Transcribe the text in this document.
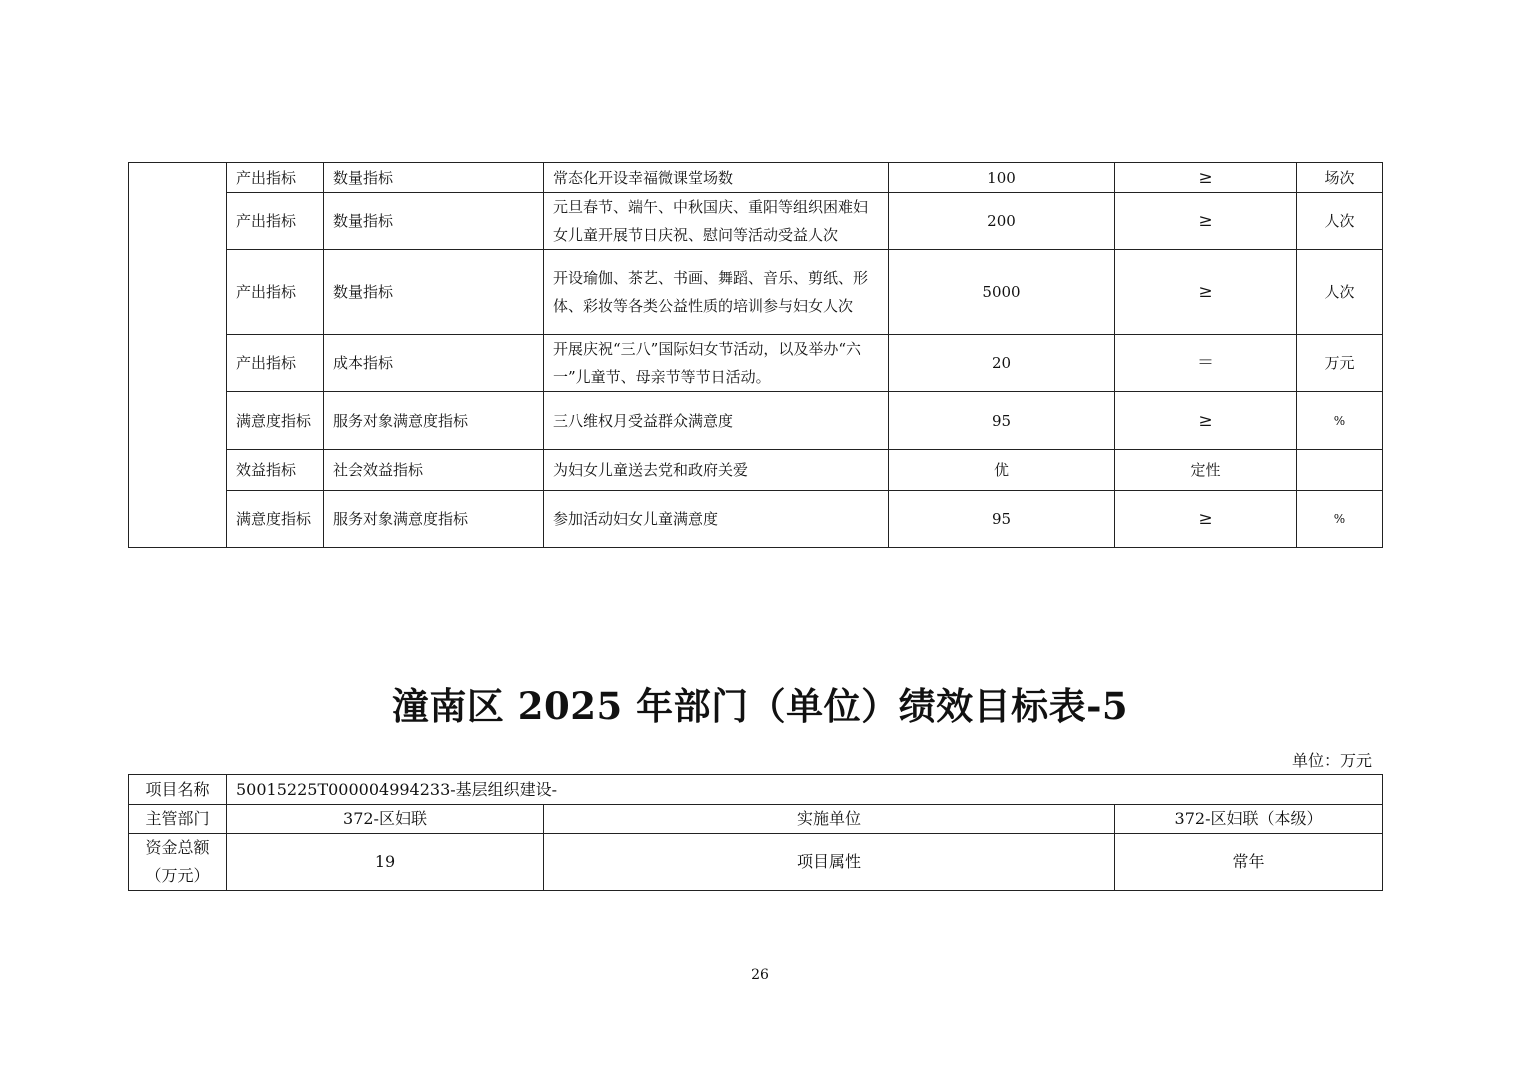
	产出指标	数量指标	常态化开设幸福微课堂场数	100	≥	场次
	产出指标	数量指标	元旦春节、端午、中秋国庆、重阳等组织困难妇女儿童开展节日庆祝、慰问等活动受益人次	200	≥	人次
	产出指标	数量指标	开设瑜伽、茶艺、书画、舞蹈、音乐、剪纸、形体、彩妆等各类公益性质的培训参与妇女人次	5000	≥	人次
	产出指标	成本指标	开展庆祝“三八”国际妇女节活动，以及举办“六一”儿童节、母亲节等节日活动。	20	＝	万元
	满意度指标	服务对象满意度指标	三八维权月受益群众满意度	95	≥	%
	效益指标	社会效益指标	为妇女儿童送去党和政府关爱	优	定性	
	满意度指标	服务对象满意度指标	参加活动妇女儿童满意度	95	≥	%
潼南区 2025 年部门（单位）绩效目标表-5
单位：万元
项目名称	50015225T000004994233-基层组织建设-		
主管部门	372-区妇联	实施单位	372-区妇联（本级）
资金总额（万元）	19	项目属性	常年
26
